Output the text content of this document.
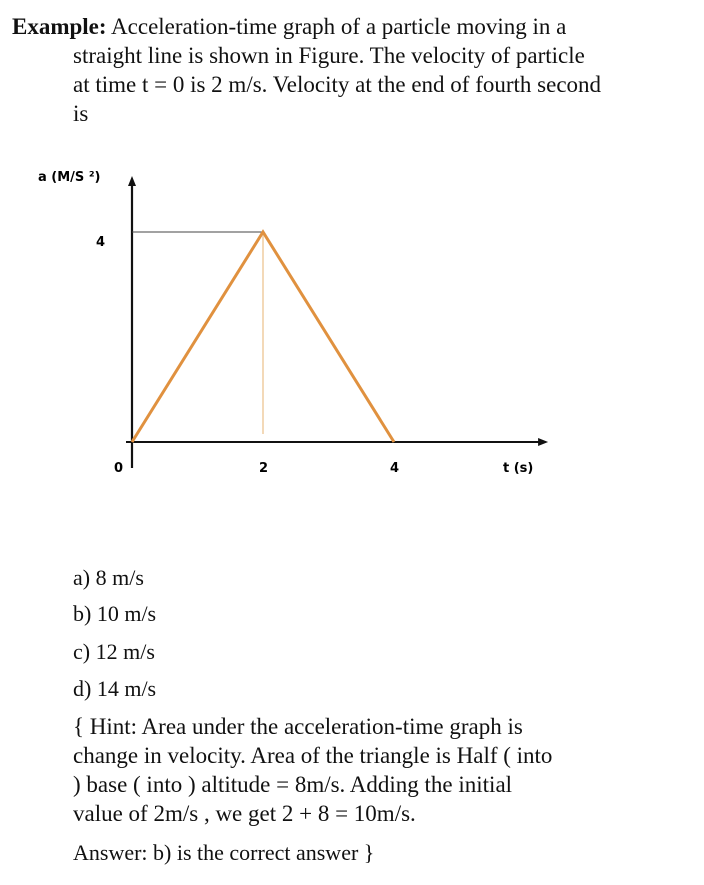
Example: Acceleration-time graph of a particle moving in a
straight line is shown in Figure. The velocity of particle
at time t = 0 is 2 m/s. Velocity at the end of fourth second
is
0	2	4
4
a (M/S ²)
t (s)
a) 8 m/s
b) 10 m/s
c) 12 m/s
d) 14 m/s
{ Hint: Area under the acceleration-time graph is
change in velocity. Area of the triangle is Half ( into
) base ( into ) altitude = 8m/s. Adding the initial
value of 2m/s , we get 2 + 8 = 10m/s.
Answer: b) is the correct answer }
